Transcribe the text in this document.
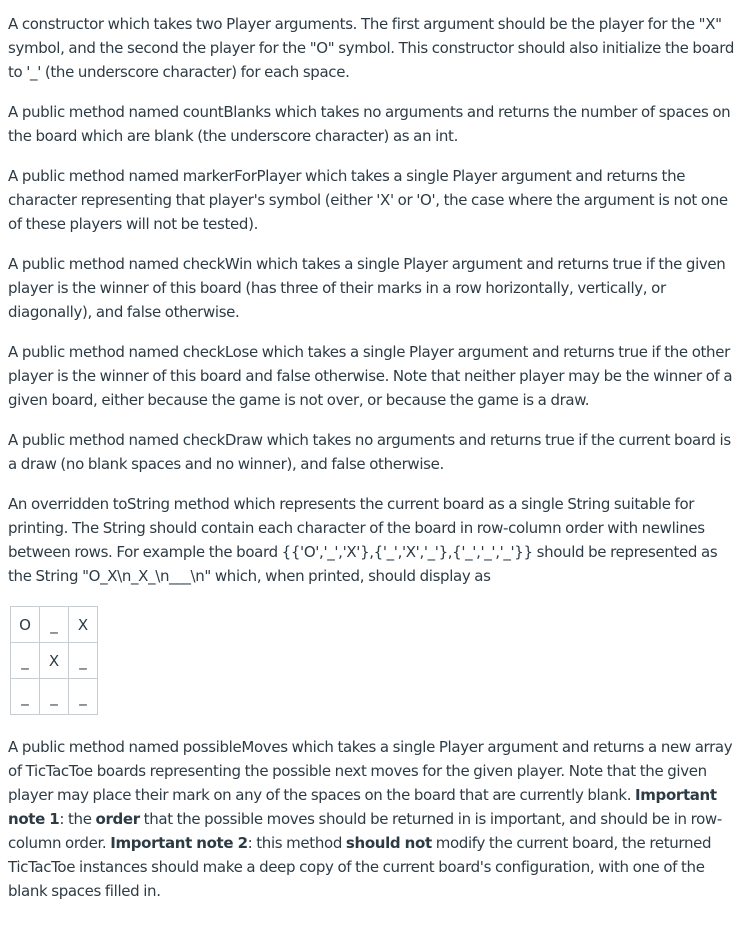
A constructor which takes two Player arguments. The first argument should be the player for the "X" symbol, and the second the player for the "O" symbol. This constructor should also initialize the board to '_' (the underscore character) for each space.

A public method named countBlanks which takes no arguments and returns the number of spaces on the board which are blank (the underscore character) as an int.

A public method named markerForPlayer which takes a single Player argument and returns the character representing that player's symbol (either 'X' or 'O', the case where the argument is not one of these players will not be tested).

A public method named checkWin which takes a single Player argument and returns true if the given player is the winner of this board (has three of their marks in a row horizontally, vertically, or diagonally), and false otherwise.

A public method named checkLose which takes a single Player argument and returns true if the other player is the winner of this board and false otherwise. Note that neither player may be the winner of a given board, either because the game is not over, or because the game is a draw.

A public method named checkDraw which takes no arguments and returns true if the current board is a draw (no blank spaces and no winner), and false otherwise.

An overridden toString method which represents the current board as a single String suitable for printing. The String should contain each character of the board in row-column order with newlines between rows. For example the board {{'O','_','X'},{'_','X','_'},{'_','_','_'}} should be represented as the String "O_X\n_X_\n___\n" which, when printed, should display as

O	_	X
_	X	_
_	_	_

A public method named possibleMoves which takes a single Player argument and returns a new array of TicTacToe boards representing the possible next moves for the given player. Note that the given player may place their mark on any of the spaces on the board that are currently blank. Important note 1: the order that the possible moves should be returned in is important, and should be in row-column order. Important note 2: this method should not modify the current board, the returned TicTacToe instances should make a deep copy of the current board's configuration, with one of the blank spaces filled in.
